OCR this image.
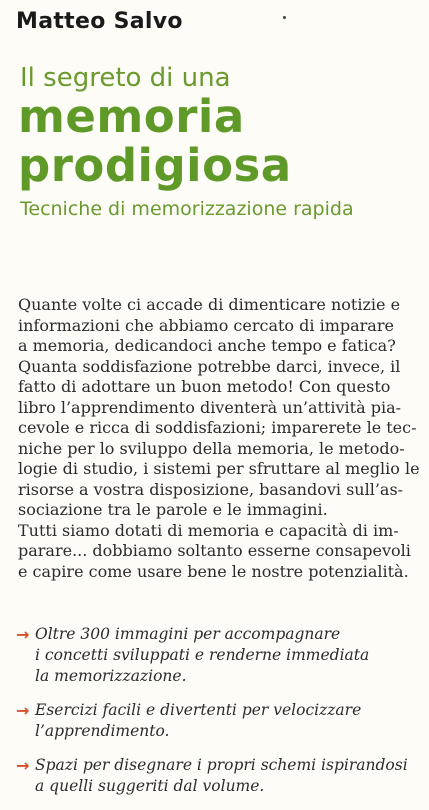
Matteo Salvo
Il segreto di una
memoria
prodigiosa
Tecniche di memorizzazione rapida
Quante volte ci accade di dimenticare notizie e
informazioni che abbiamo cercato di imparare
a memoria, dedicandoci anche tempo e fatica?
Quanta soddisfazione potrebbe darci, invece, il
fatto di adottare un buon metodo! Con questo
libro l’apprendimento diventerà un’attività pia-
cevole e ricca di soddisfazioni; imparerete le tec-
niche per lo sviluppo della memoria, le metodo-
logie di studio, i sistemi per sfruttare al meglio le
risorse a vostra disposizione, basandovi sull’as-
sociazione tra le parole e le immagini.
Tutti siamo dotati di memoria e capacità di im-
parare... dobbiamo soltanto esserne consapevoli
e capire come usare bene le nostre potenzialità.
→ Oltre 300 immagini per accompagnare
i concetti sviluppati e renderne immediata
la memorizzazione.
→ Esercizi facili e divertenti per velocizzare
l’apprendimento.
→ Spazi per disegnare i propri schemi ispirandosi
a quelli suggeriti dal volume.
